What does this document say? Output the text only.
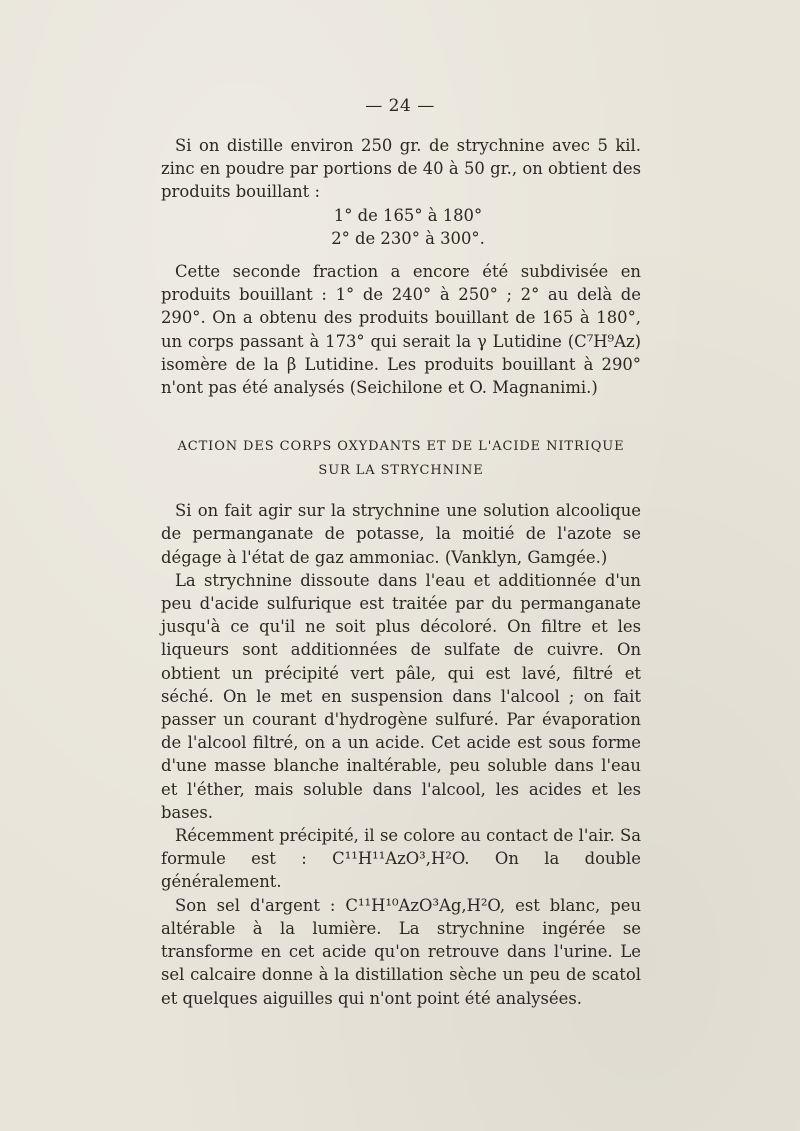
— 24 —

Si on distille environ 250 gr. de strychnine avec 5 kil. zinc en poudre par portions de 40 à 50 gr., on obtient des produits bouillant :

1° de 165° à 180°
2° de 230° à 300°.

Cette seconde fraction a encore été subdivisée en produits bouillant : 1° de 240° à 250° ; 2° au delà de 290°. On a obtenu des produits bouillant de 165 à 180°, un corps passant à 173° qui serait la γ Lutidine (C⁷H⁹Az) isomère de la β Lutidine. Les produits bouillant à 290° n'ont pas été analysés (Seichilone et O. Magnanimi.)

ACTION DES CORPS OXYDANTS ET DE L'ACIDE NITRIQUE
SUR LA STRYCHNINE

Si on fait agir sur la strychnine une solution alcoolique de permanganate de potasse, la moitié de l'azote se dégage à l'état de gaz ammoniac. (Vanklyn, Gamgée.)

La strychnine dissoute dans l'eau et additionnée d'un peu d'acide sulfurique est traitée par du permanganate jusqu'à ce qu'il ne soit plus décoloré. On filtre et les liqueurs sont additionnées de sulfate de cuivre. On obtient un précipité vert pâle, qui est lavé, filtré et séché. On le met en suspension dans l'alcool ; on fait passer un courant d'hydrogène sulfuré. Par évaporation de l'alcool filtré, on a un acide. Cet acide est sous forme d'une masse blanche inaltérable, peu soluble dans l'eau et l'éther, mais soluble dans l'alcool, les acides et les bases.

Récemment précipité, il se colore au contact de l'air. Sa formule est : C¹¹H¹¹AzO³,H²O. On la double généralement.

Son sel d'argent : C¹¹H¹⁰AzO³Ag,H²O, est blanc, peu altérable à la lumière. La strychnine ingérée se transforme en cet acide qu'on retrouve dans l'urine. Le sel calcaire donne à la distillation sèche un peu de scatol et quelques aiguilles qui n'ont point été analysées.
